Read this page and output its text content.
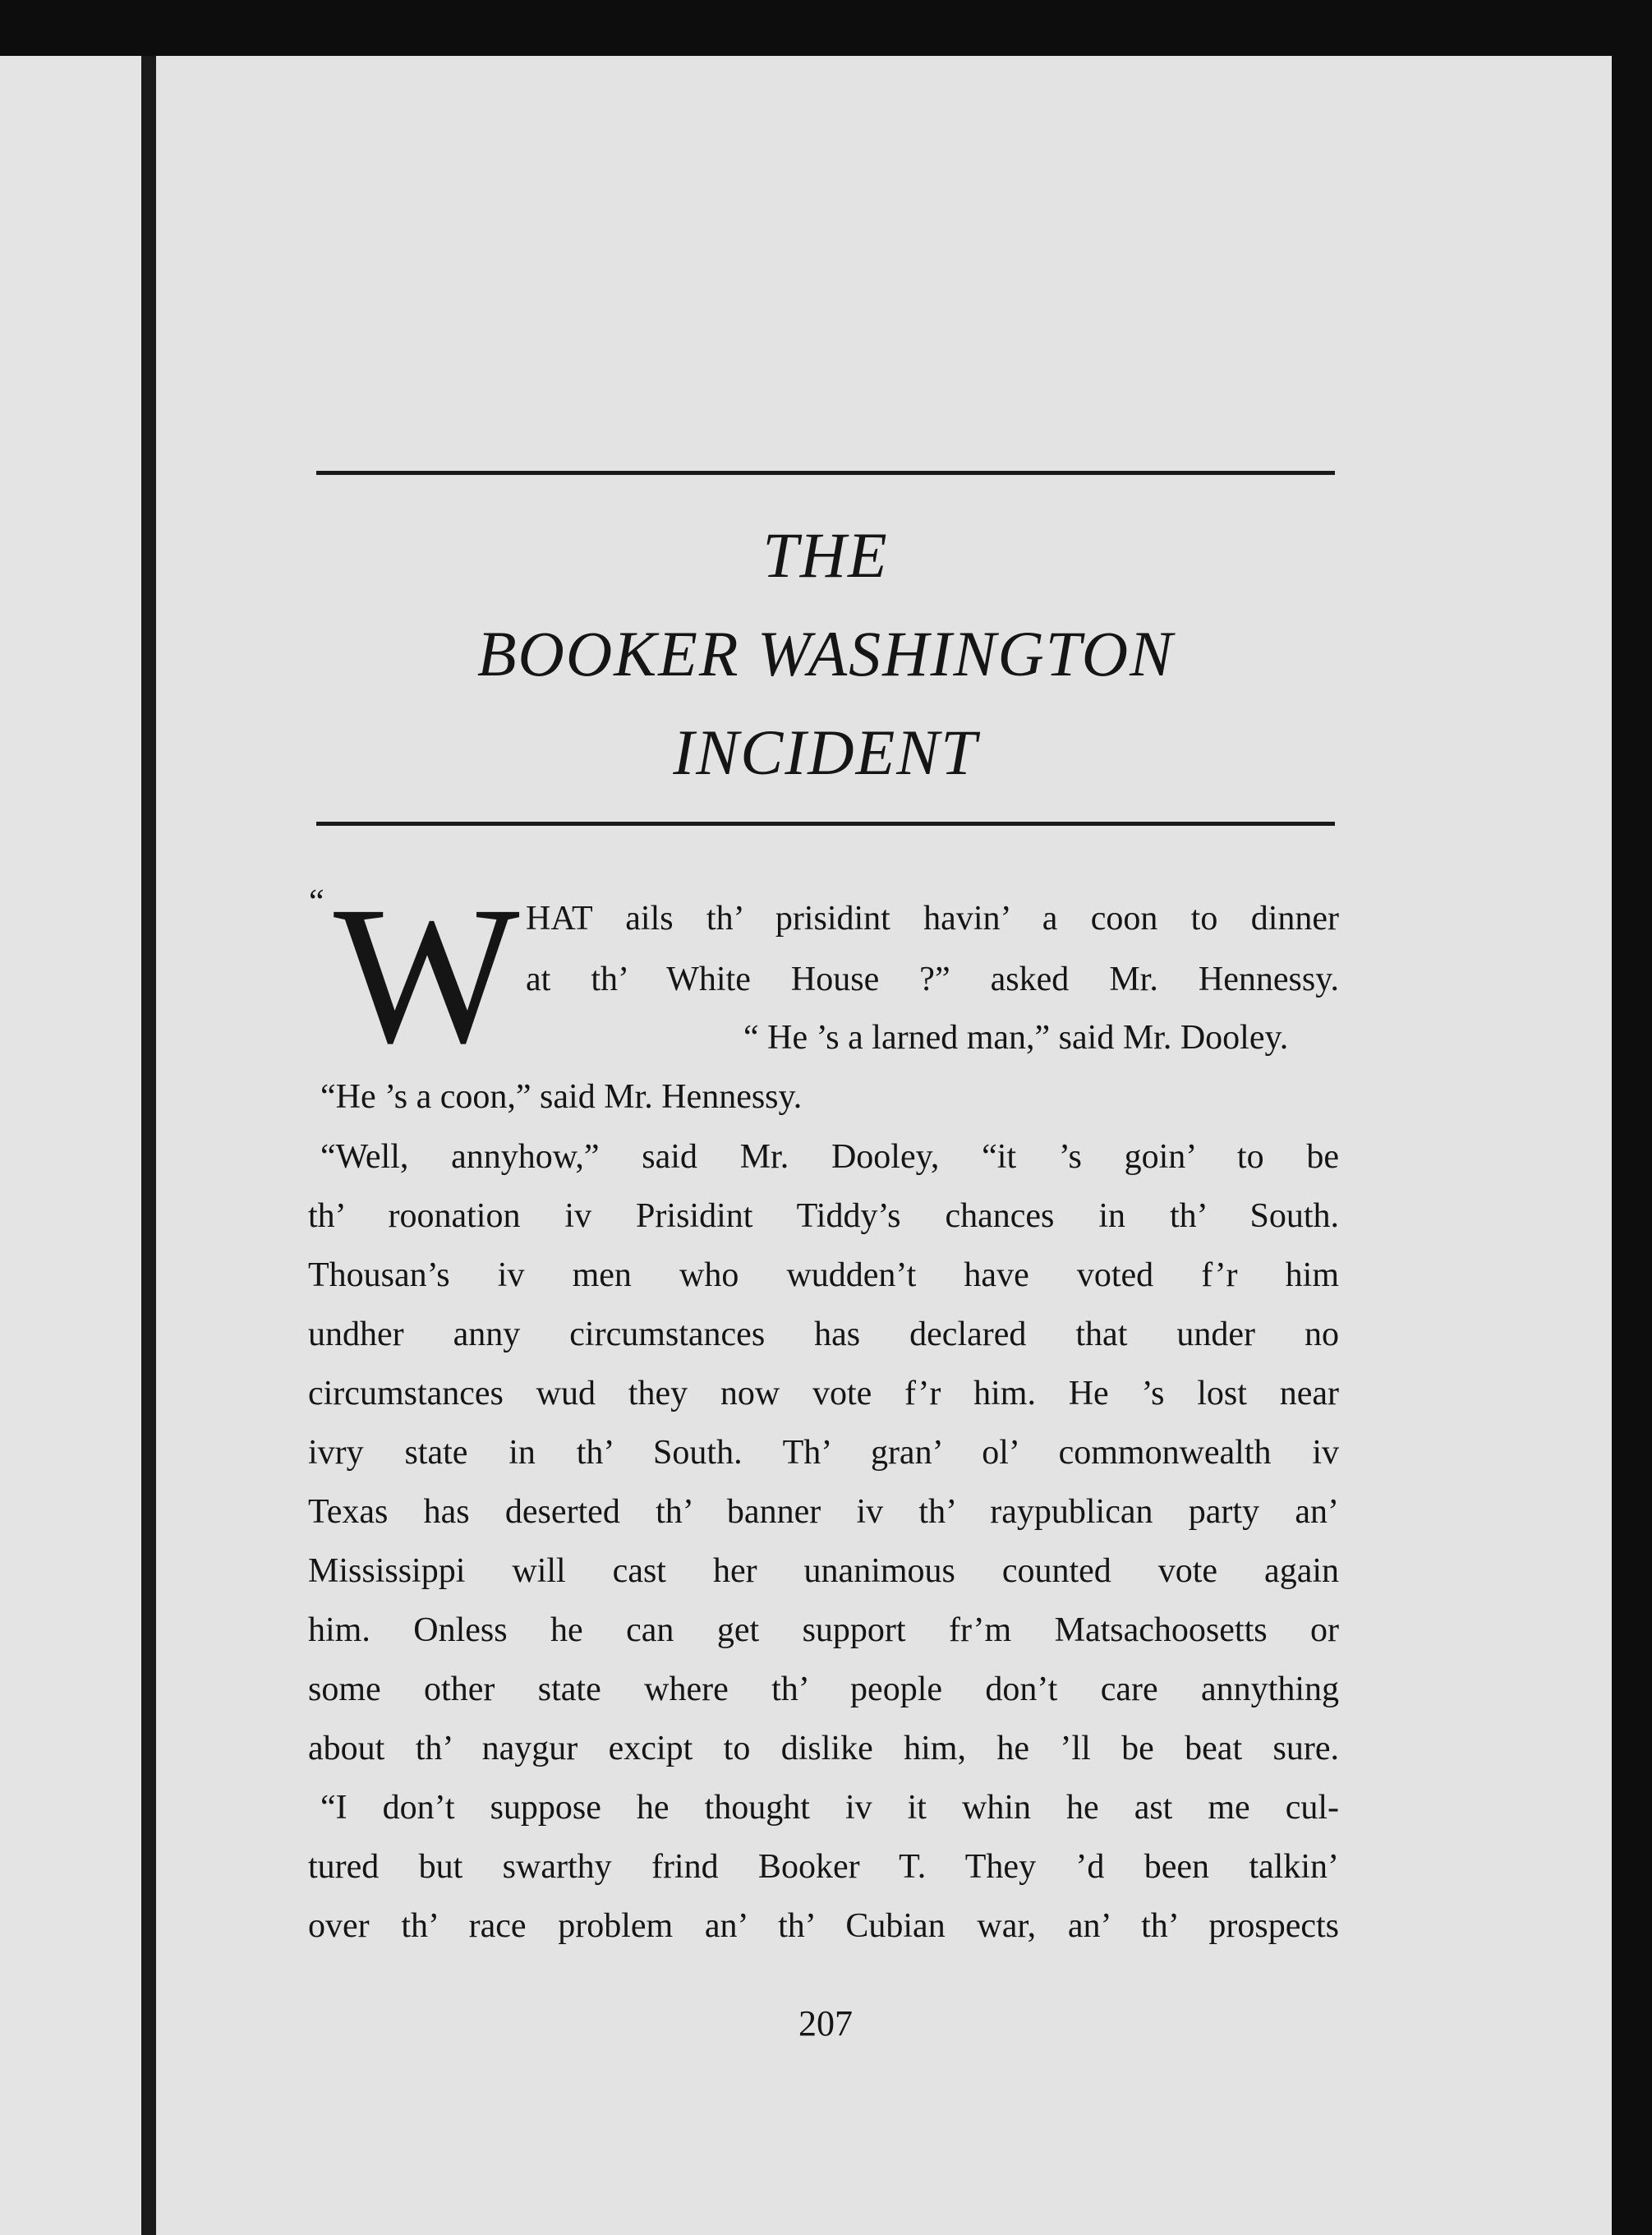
THE
BOOKER WASHINGTON
INCIDENT
“ W HAT ails th’ prisidint havin’ a coon to dinner
at th’ White House ?” asked Mr. Hennessy.
“ He ’s a larned man,” said Mr. Dooley.
“He ’s a coon,” said Mr. Hennessy.
“Well, annyhow,” said Mr. Dooley, “it ’s goin’ to be
th’ roonation iv Prisidint Tiddy’s chances in th’ South.
Thousan’s iv men who wudden’t have voted f’r him
undher anny circumstances has declared that under no
circumstances wud they now vote f’r him. He ’s lost near
ivry state in th’ South. Th’ gran’ ol’ commonwealth iv
Texas has deserted th’ banner iv th’ raypublican party an’
Mississippi will cast her unanimous counted vote again
him. Onless he can get support fr’m Matsachoosetts or
some other state where th’ people don’t care annything
about th’ naygur excipt to dislike him, he ’ll be beat sure.
“I don’t suppose he thought iv it whin he ast me cul-
tured but swarthy frind Booker T. They ’d been talkin’
over th’ race problem an’ th’ Cubian war, an’ th’ prospects
207
